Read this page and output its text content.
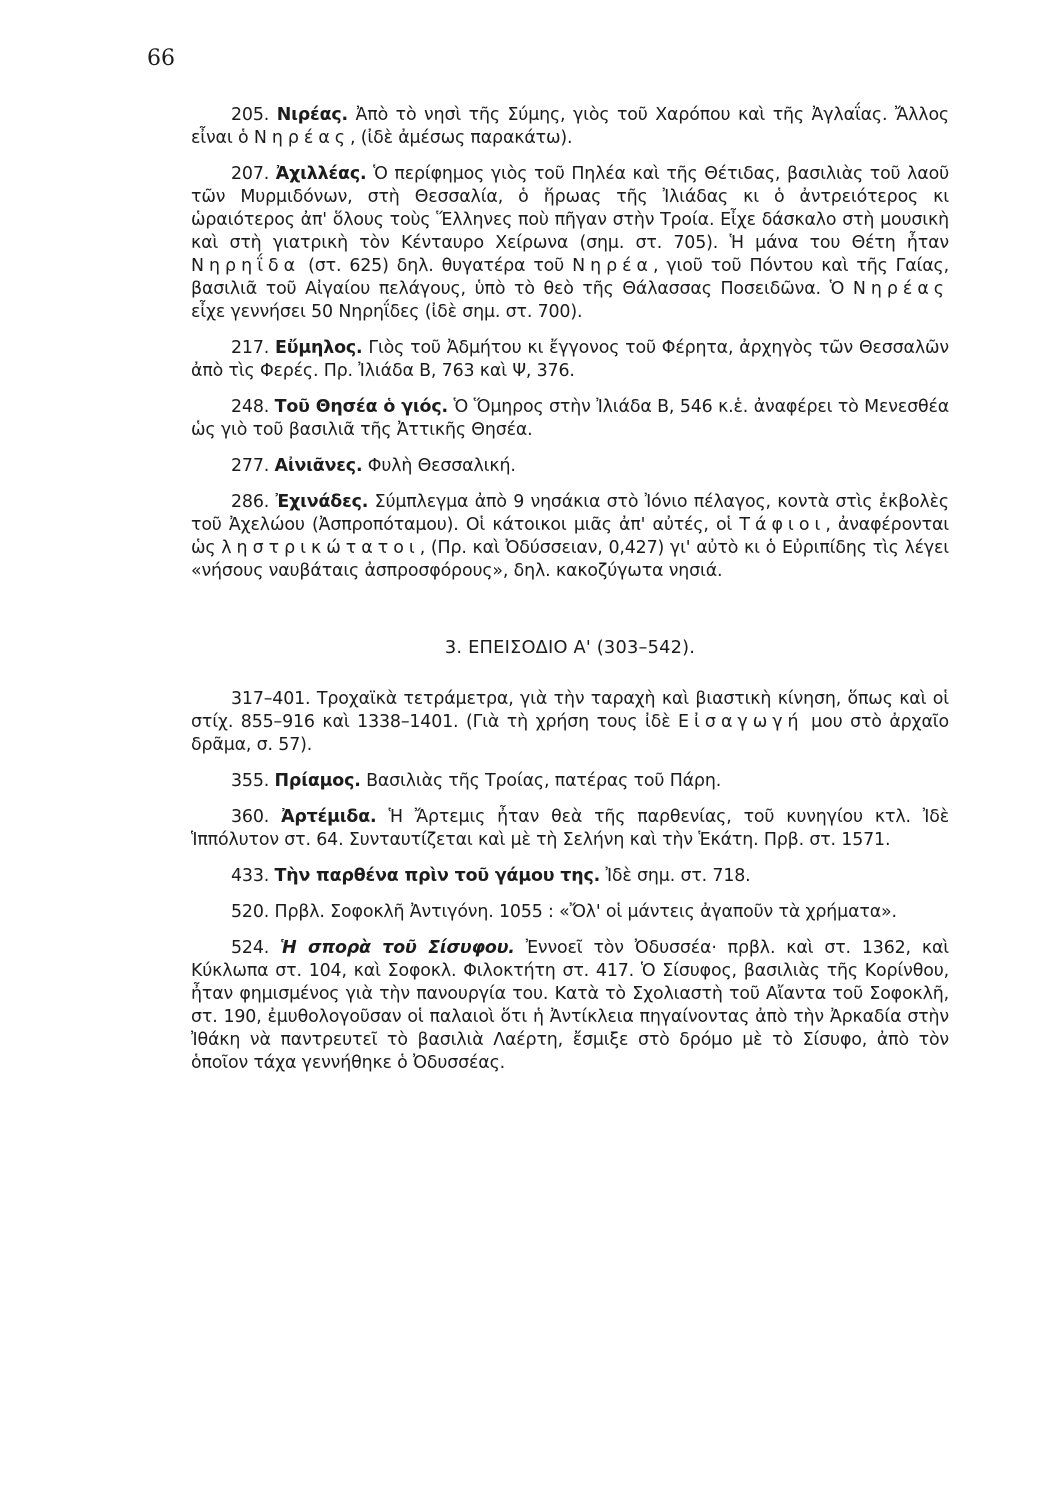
66

205. Νιρέας. Ἀπὸ τὸ νησὶ τῆς Σύμης, γιὸς τοῦ Χαρόπου καὶ τῆς Ἀγλαΐας. Ἄλλος εἶναι ὁ Νηρέας, (ἰδὲ ἀμέσως παρακάτω).

207. Ἀχιλλέας. Ὁ περίφημος γιὸς τοῦ Πηλέα καὶ τῆς Θέτιδας, βασιλιὰς τοῦ λαοῦ τῶν Μυρμιδόνων, στὴ Θεσσαλία, ὁ ἥρωας τῆς Ἰλιάδας κι ὁ ἀντρειότερος κι ὡραιότερος ἀπ' ὅλους τοὺς Ἕλληνες ποὺ πῆγαν στὴν Τροία. Εἶχε δάσκαλο στὴ μουσικὴ καὶ στὴ γιατρικὴ τὸν Κένταυρο Χείρωνα (σημ. στ. 705). Ἡ μάνα του Θέτη ἦταν Νηρηΐδα (στ. 625) δηλ. θυγατέρα τοῦ Νηρέα, γιοῦ τοῦ Πόντου καὶ τῆς Γαίας, βασιλιᾶ τοῦ Αἰγαίου πελάγους, ὑπὸ τὸ θεὸ τῆς Θάλασσας Ποσειδῶνα. Ὁ Νηρέας εἶχε γεννήσει 50 Νηρηΐδες (ἰδὲ σημ. στ. 700).

217. Εὔμηλος. Γιὸς τοῦ Ἀδμήτου κι ἔγγονος τοῦ Φέρητα, ἀρχηγὸς τῶν Θεσσαλῶν ἀπὸ τὶς Φερές. Πρ. Ἰλιάδα Β, 763 καὶ Ψ, 376.

248. Τοῦ Θησέα ὁ γιός. Ὁ Ὅμηρος στὴν Ἰλιάδα Β, 546 κ.ἑ. ἀναφέρει τὸ Μενεσθέα ὡς γιὸ τοῦ βασιλιᾶ τῆς Ἀττικῆς Θησέα.

277. Αἰνιᾶνες. Φυλὴ Θεσσαλική.

286. Ἐχινάδες. Σύμπλεγμα ἀπὸ 9 νησάκια στὸ Ἰόνιο πέλαγος, κοντὰ στὶς ἐκβολὲς τοῦ Ἀχελώου (Ἀσπροπόταμου). Οἱ κάτοικοι μιᾶς ἀπ' αὐτές, οἱ Τάφιοι, ἀναφέρονται ὡς ληστρικώτατοι, (Πρ. καὶ Ὀδύσσειαν, 0,427) γι' αὐτὸ κι ὁ Εὐριπίδης τὶς λέγει «νήσους ναυβάταις ἀσπροσφόρους», δηλ. κακοζύγωτα νησιά.

3. ΕΠΕΙΣΟΔΙΟ Α' (303–542).

317–401. Τροχαϊκὰ τετράμετρα, γιὰ τὴν ταραχὴ καὶ βιαστικὴ κίνηση, ὅπως καὶ οἱ στίχ. 855–916 καὶ 1338–1401. (Γιὰ τὴ χρήση τους ἰδὲ Εἰσαγωγή μου στὸ ἀρχαῖο δρᾶμα, σ. 57).

355. Πρίαμος. Βασιλιὰς τῆς Τροίας, πατέρας τοῦ Πάρη.

360. Ἀρτέμιδα. Ἡ Ἄρτεμις ἦταν θεὰ τῆς παρθενίας, τοῦ κυνηγίου κτλ. Ἰδὲ Ἱππόλυτον στ. 64. Συνταυτίζεται καὶ μὲ τὴ Σελήνη καὶ τὴν Ἑκάτη. Πρβ. στ. 1571.

433. Τὴν παρθένα πρὶν τοῦ γάμου της. Ἰδὲ σημ. στ. 718.

520. Πρβλ. Σοφοκλῆ Ἀντιγόνη. 1055 : «Ὄλ' οἱ μάντεις ἀγαποῦν τὰ χρήματα».

524. Ἡ σπορὰ τοῦ Σίσυφου. Ἐννοεῖ τὸν Ὀδυσσέα· πρβλ. καὶ στ. 1362, καὶ Κύκλωπα στ. 104, καὶ Σοφοκλ. Φιλοκτήτη στ. 417. Ὁ Σίσυφος, βασιλιὰς τῆς Κορίνθου, ἦταν φημισμένος γιὰ τὴν πανουργία του. Κατὰ τὸ Σχολιαστὴ τοῦ Αἴαντα τοῦ Σοφοκλῆ, στ. 190, ἐμυθολογοῦσαν οἱ παλαιοὶ ὅτι ἡ Ἀντίκλεια πηγαίνοντας ἀπὸ τὴν Ἀρκαδία στὴν Ἰθάκη νὰ παντρευτεῖ τὸ βασιλιὰ Λαέρτη, ἔσμιξε στὸ δρόμο μὲ τὸ Σίσυφο, ἀπὸ τὸν ὁποῖον τάχα γεννήθηκε ὁ Ὀδυσσέας.
